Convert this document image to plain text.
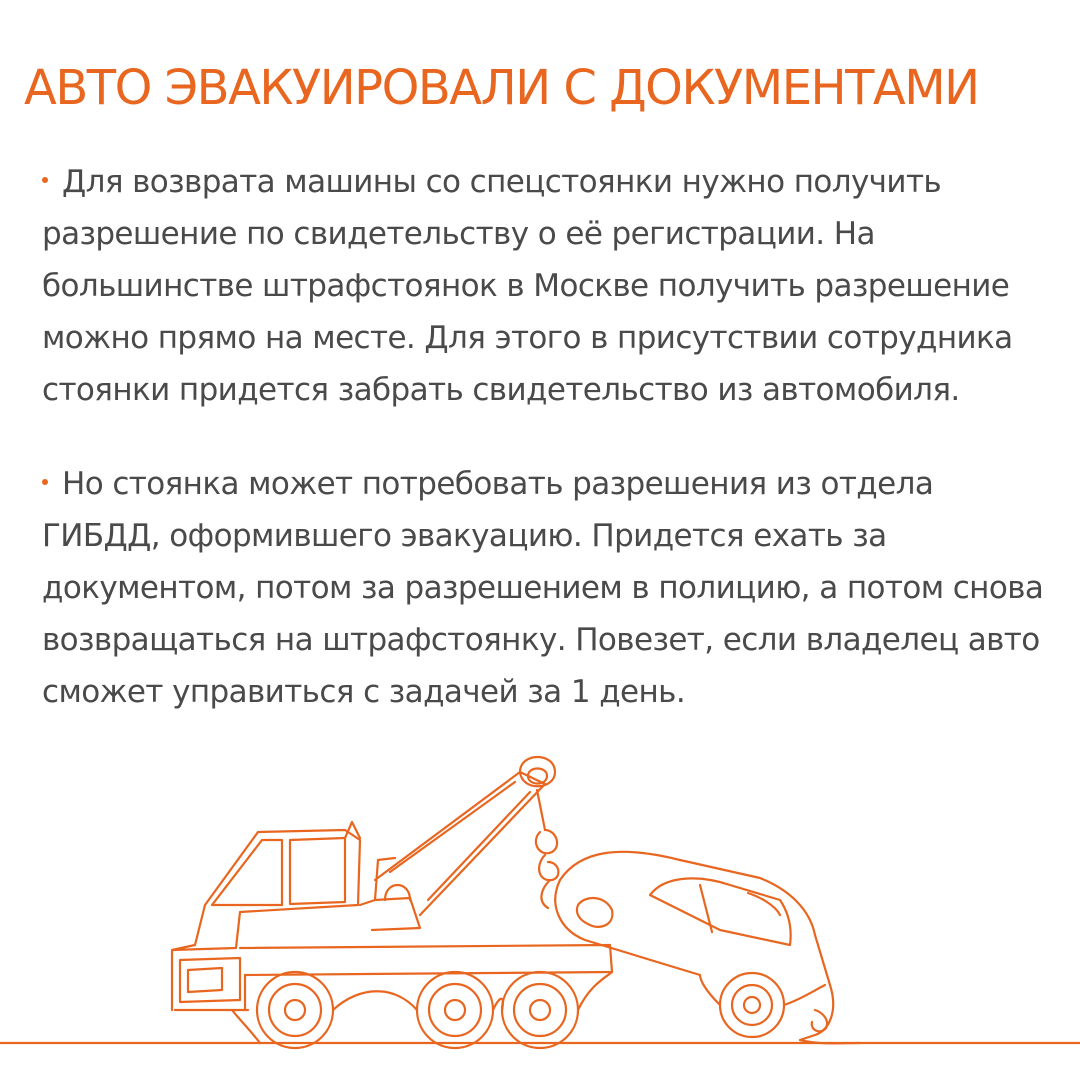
АВТО ЭВАКУИРОВАЛИ С ДОКУМЕНТАМИ
Для возврата машины со спецстоянки нужно получить разрешение по свидетельству о её регистрации. На большинстве штрафстоянок в Москве получить разрешение можно прямо на месте. Для этого в присутствии сотрудника стоянки придется забрать свидетельство из автомобиля.
Но стоянка может потребовать разрешения из отдела ГИБДД, оформившего эвакуацию. Придется ехать за документом, потом за разрешением в полицию, а потом снова возвращаться на штрафстоянку. Повезет, если владелец авто сможет управиться с задачей за 1 день.
